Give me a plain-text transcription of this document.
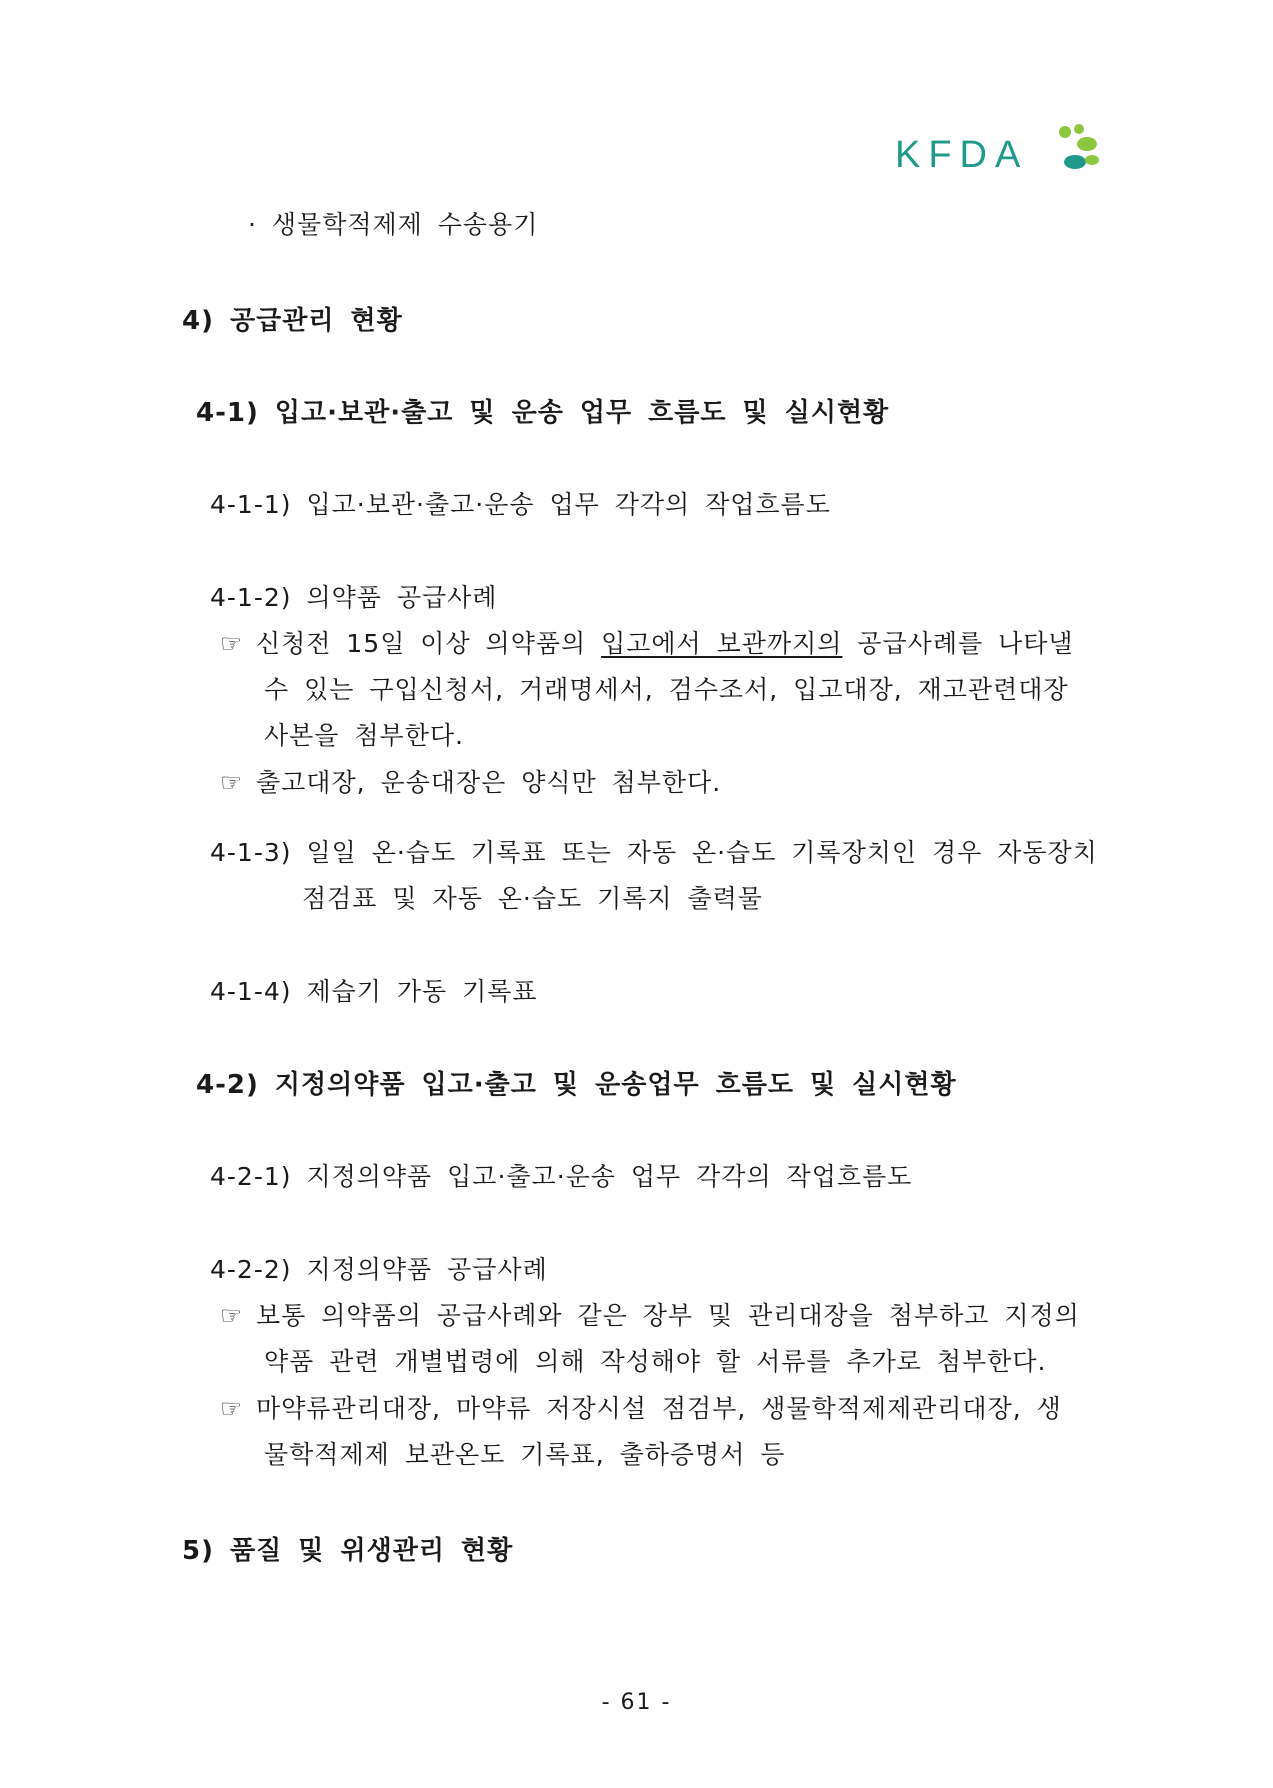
KFDA
· 생물학적제제 수송용기
4) 공급관리 현황
4-1) 입고·보관·출고 및 운송 업무 흐름도 및 실시현황
4-1-1) 입고·보관·출고·운송 업무 각각의 작업흐름도
4-1-2) 의약품 공급사례
☞ 신청전 15일 이상 의약품의 입고에서 보관까지의 공급사례를 나타낼
수 있는 구입신청서, 거래명세서, 검수조서, 입고대장, 재고관련대장
사본을 첨부한다.
☞ 출고대장, 운송대장은 양식만 첨부한다.
4-1-3) 일일 온·습도 기록표 또는 자동 온·습도 기록장치인 경우 자동장치
점검표 및 자동 온·습도 기록지 출력물
4-1-4) 제습기 가동 기록표
4-2) 지정의약품 입고·출고 및 운송업무 흐름도 및 실시현황
4-2-1) 지정의약품 입고·출고·운송 업무 각각의 작업흐름도
4-2-2) 지정의약품 공급사례
☞ 보통 의약품의 공급사례와 같은 장부 및 관리대장을 첨부하고 지정의
약품 관련 개별법령에 의해 작성해야 할 서류를 추가로 첨부한다.
☞ 마약류관리대장, 마약류 저장시설 점검부, 생물학적제제관리대장, 생
물학적제제 보관온도 기록표, 출하증명서 등
5) 품질 및 위생관리 현황
- 61 -
